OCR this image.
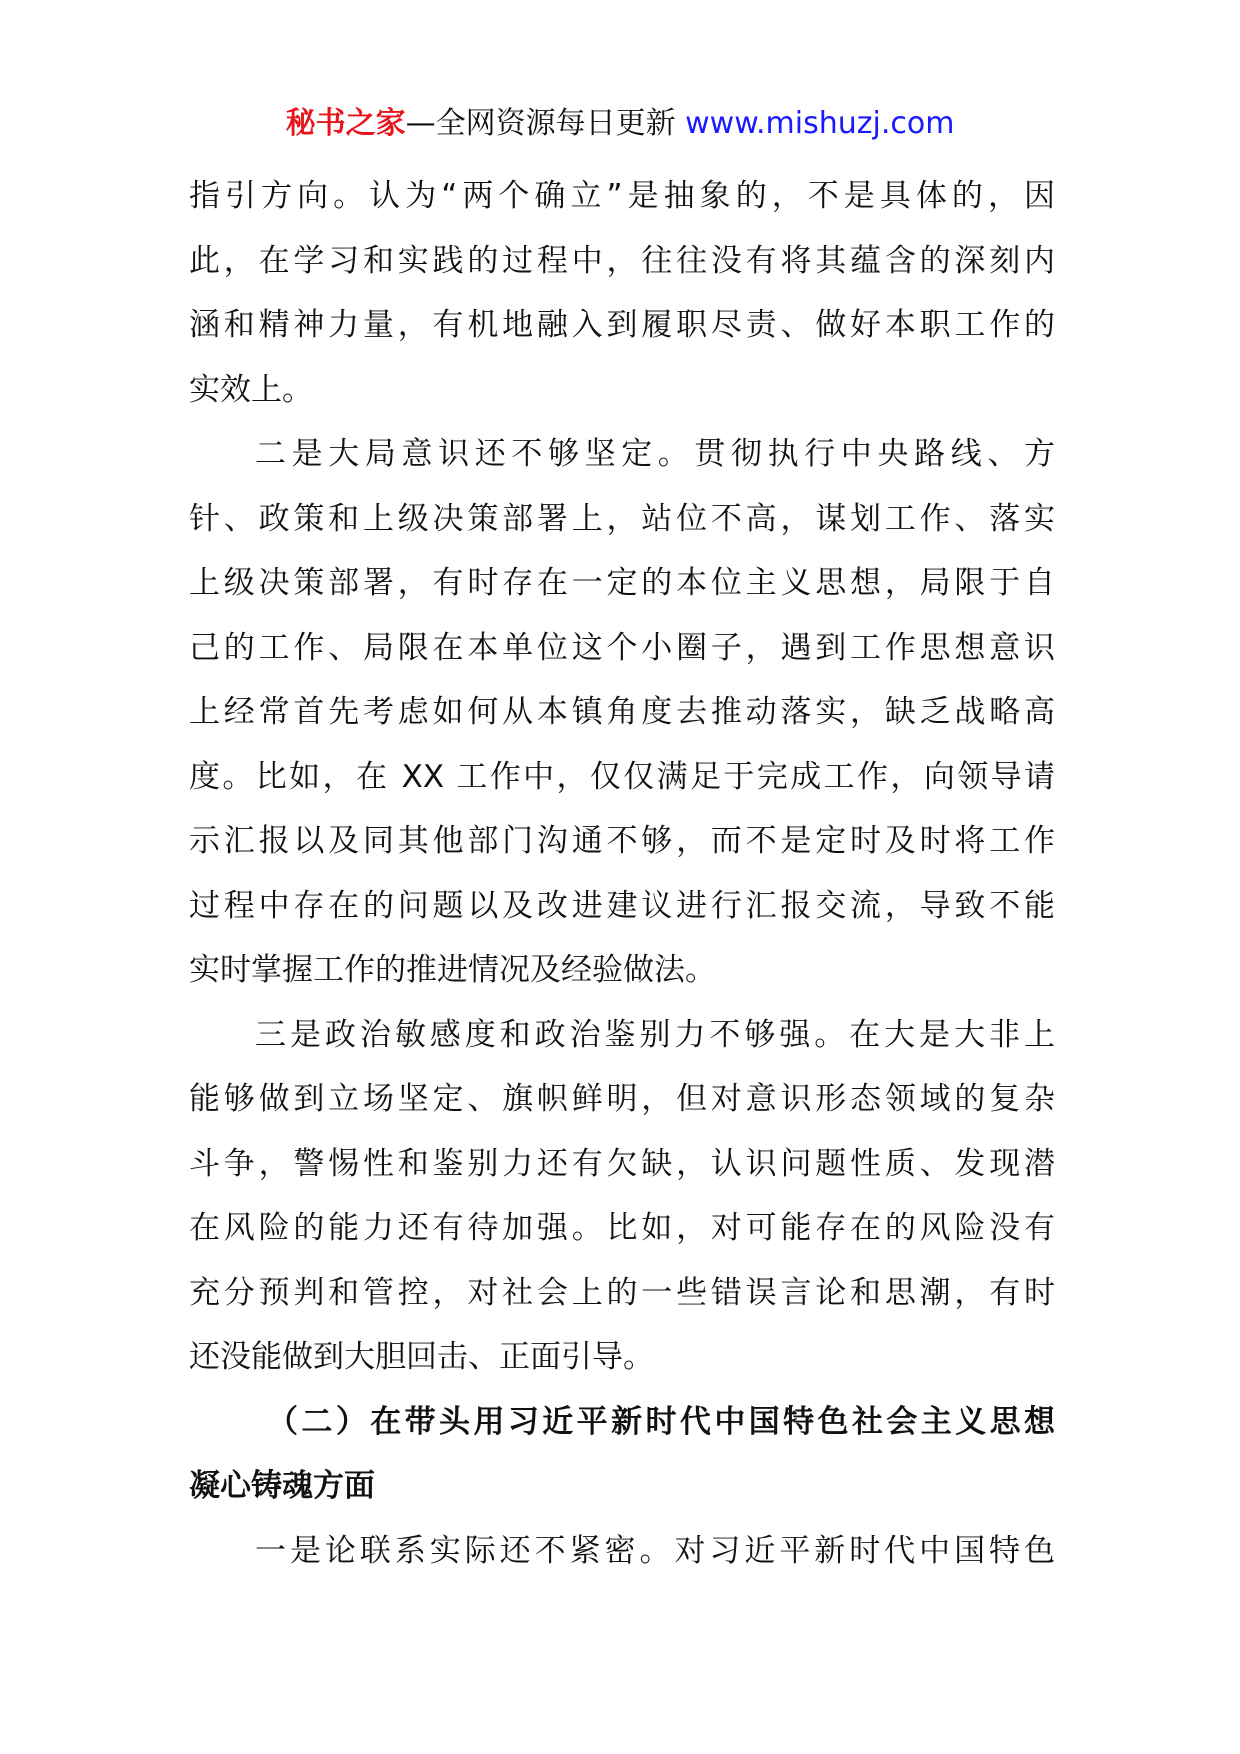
秘书之家—全网资源每日更新 www.mishuzj.com
指引方向。认为“两个确立”是抽象的，不是具体的，因
此，在学习和实践的过程中，往往没有将其蕴含的深刻内
涵和精神力量，有机地融入到履职尽责、做好本职工作的
实效上。
二是大局意识还不够坚定。贯彻执行中央路线、方
针、政策和上级决策部署上，站位不高，谋划工作、落实
上级决策部署，有时存在一定的本位主义思想，局限于自
己的工作、局限在本单位这个小圈子，遇到工作思想意识
上经常首先考虑如何从本镇角度去推动落实，缺乏战略高
度。比如，在 XX 工作中，仅仅满足于完成工作，向领导请
示汇报以及同其他部门沟通不够，而不是定时及时将工作
过程中存在的问题以及改进建议进行汇报交流，导致不能
实时掌握工作的推进情况及经验做法。
三是政治敏感度和政治鉴别力不够强。在大是大非上
能够做到立场坚定、旗帜鲜明，但对意识形态领域的复杂
斗争，警惕性和鉴别力还有欠缺，认识问题性质、发现潜
在风险的能力还有待加强。比如，对可能存在的风险没有
充分预判和管控，对社会上的一些错误言论和思潮，有时
还没能做到大胆回击、正面引导。
（二）在带头用习近平新时代中国特色社会主义思想
凝心铸魂方面
一是论联系实际还不紧密。对习近平新时代中国特色
